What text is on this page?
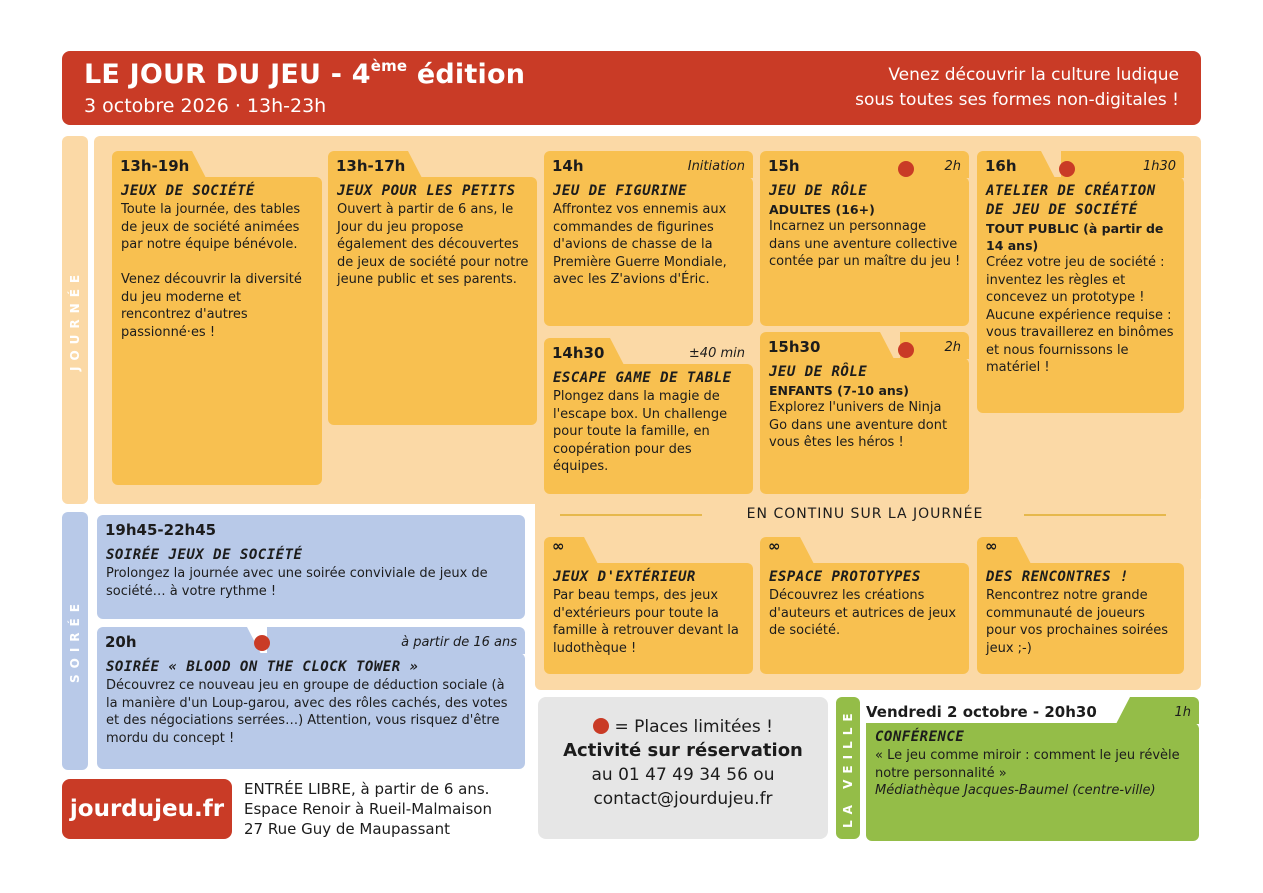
LE JOUR DU JEU - 4ème édition
3 octobre 2026 · 13h-23h
Venez découvrir la culture ludique
sous toutes ses formes non-digitales !
JOURNÉE
13h-19h
JEUX DE SOCIÉTÉ
Toute la journée, des tables de jeux de société animées par notre équipe bénévole.

Venez découvrir la diversité du jeu moderne et rencontrez d'autres passionné·es !
13h-17h
JEUX POUR LES PETITS
Ouvert à partir de 6 ans, le Jour du jeu propose également des découvertes de jeux de société pour notre jeune public et ses parents.
14h	Initiation
JEU DE FIGURINE
Affrontez vos ennemis aux commandes de figurines d'avions de chasse de la Première Guerre Mondiale, avec les Z'avions d'Éric.
14h30	±40 min
ESCAPE GAME DE TABLE
Plongez dans la magie de l'escape box. Un challenge pour toute la famille, en coopération pour des équipes.
15h	2h
JEU DE RÔLE
ADULTES (16+)
Incarnez un personnage dans une aventure collective contée par un maître du jeu !
15h30	2h
JEU DE RÔLE
ENFANTS (7-10 ans)
Explorez l'univers de Ninja Go dans une aventure dont vous êtes les héros !
16h	1h30
ATELIER DE CRÉATION DE JEU DE SOCIÉTÉ
TOUT PUBLIC (à partir de 14 ans)
Créez votre jeu de société : inventez les règles et concevez un prototype ! Aucune expérience requise : vous travaillerez en binômes et nous fournissons le matériel !
EN CONTINU SUR LA JOURNÉE
∞
JEUX D'EXTÉRIEUR
Par beau temps, des jeux d'extérieurs pour toute la famille à retrouver devant la ludothèque !
∞
ESPACE PROTOTYPES
Découvrez les créations d'auteurs et autrices de jeux de société.
∞
DES RENCONTRES !
Rencontrez notre grande communauté de joueurs pour vos prochaines soirées jeux ;-)
SOIRÉE
19h45-22h45
SOIRÉE JEUX DE SOCIÉTÉ
Prolongez la journée avec une soirée conviviale de jeux de société… à votre rythme !
20h	à partir de 16 ans
SOIRÉE « BLOOD ON THE CLOCK TOWER »
Découvrez ce nouveau jeu en groupe de déduction sociale (à la manière d'un Loup-garou, avec des rôles cachés, des votes et des négociations serrées…) Attention, vous risquez d'être mordu du concept !
jourdujeu.fr
ENTRÉE LIBRE, à partir de 6 ans.
Espace Renoir à Rueil-Malmaison
27 Rue Guy de Maupassant
= Places limitées !
Activité sur réservation
au 01 47 49 34 56 ou
contact@jourdujeu.fr	LA VEILLE Vendredi 2 octobre - 20h30	1h
CONFÉRENCE
« Le jeu comme miroir : comment le jeu révèle notre personnalité »
Médiathèque Jacques-Baumel (centre-ville)
